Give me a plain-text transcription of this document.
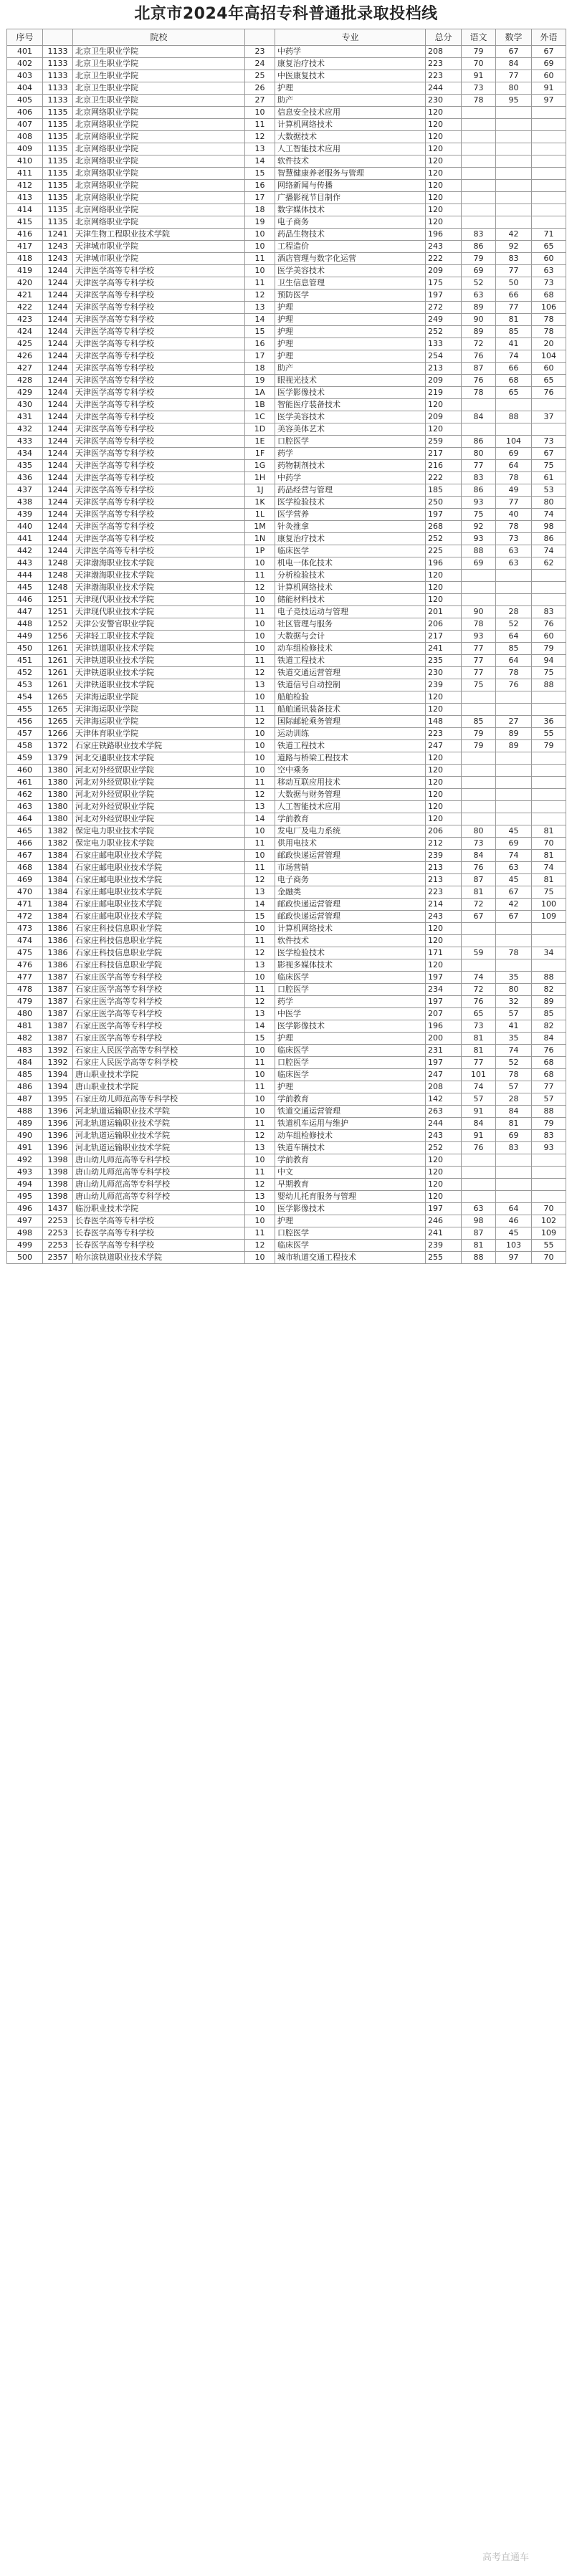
北京市2024年高招专科普通批录取投档线
序号		院校		专业	总分	语文	数学	外语
401	1133	北京卫生职业学院	23	中药学	208	79	67	67
402	1133	北京卫生职业学院	24	康复治疗技术	223	70	84	69
403	1133	北京卫生职业学院	25	中医康复技术	223	91	77	60
404	1133	北京卫生职业学院	26	护理	244	73	80	91
405	1133	北京卫生职业学院	27	助产	230	78	95	97
406	1135	北京网络职业学院	10	信息安全技术应用	120			
407	1135	北京网络职业学院	11	计算机网络技术	120			
408	1135	北京网络职业学院	12	大数据技术	120			
409	1135	北京网络职业学院	13	人工智能技术应用	120			
410	1135	北京网络职业学院	14	软件技术	120			
411	1135	北京网络职业学院	15	智慧健康养老服务与管理	120			
412	1135	北京网络职业学院	16	网络新闻与传播	120			
413	1135	北京网络职业学院	17	广播影视节目制作	120			
414	1135	北京网络职业学院	18	数字媒体技术	120			
415	1135	北京网络职业学院	19	电子商务	120			
416	1241	天津生物工程职业技术学院	10	药品生物技术	196	83	42	71
417	1243	天津城市职业学院	10	工程造价	243	86	92	65
418	1243	天津城市职业学院	11	酒店管理与数字化运营	222	79	83	60
419	1244	天津医学高等专科学校	10	医学美容技术	209	69	77	63
420	1244	天津医学高等专科学校	11	卫生信息管理	175	52	50	73
421	1244	天津医学高等专科学校	12	预防医学	197	63	66	68
422	1244	天津医学高等专科学校	13	护理	272	89	77	106
423	1244	天津医学高等专科学校	14	护理	249	90	81	78
424	1244	天津医学高等专科学校	15	护理	252	89	85	78
425	1244	天津医学高等专科学校	16	护理	133	72	41	20
426	1244	天津医学高等专科学校	17	护理	254	76	74	104
427	1244	天津医学高等专科学校	18	助产	213	87	66	60
428	1244	天津医学高等专科学校	19	眼视光技术	209	76	68	65
429	1244	天津医学高等专科学校	1A	医学影像技术	219	78	65	76
430	1244	天津医学高等专科学校	1B	智能医疗装备技术	120			
431	1244	天津医学高等专科学校	1C	医学美容技术	209	84	88	37
432	1244	天津医学高等专科学校	1D	美容美体艺术	120			
433	1244	天津医学高等专科学校	1E	口腔医学	259	86	104	73
434	1244	天津医学高等专科学校	1F	药学	217	80	69	67
435	1244	天津医学高等专科学校	1G	药物制剂技术	216	77	64	75
436	1244	天津医学高等专科学校	1H	中药学	222	83	78	61
437	1244	天津医学高等专科学校	1J	药品经营与管理	185	86	49	53
438	1244	天津医学高等专科学校	1K	医学检验技术	250	93	77	80
439	1244	天津医学高等专科学校	1L	医学营养	197	75	40	74
440	1244	天津医学高等专科学校	1M	针灸推拿	268	92	78	98
441	1244	天津医学高等专科学校	1N	康复治疗技术	252	93	73	86
442	1244	天津医学高等专科学校	1P	临床医学	225	88	63	74
443	1248	天津渤海职业技术学院	10	机电一体化技术	196	69	63	62
444	1248	天津渤海职业技术学院	11	分析检验技术	120			
445	1248	天津渤海职业技术学院	12	计算机网络技术	120			
446	1251	天津现代职业技术学院	10	储能材料技术	120			
447	1251	天津现代职业技术学院	11	电子竞技运动与管理	201	90	28	83
448	1252	天津公安警官职业学院	10	社区管理与服务	206	78	52	76
449	1256	天津轻工职业技术学院	10	大数据与会计	217	93	64	60
450	1261	天津铁道职业技术学院	10	动车组检修技术	241	77	85	79
451	1261	天津铁道职业技术学院	11	铁道工程技术	235	77	64	94
452	1261	天津铁道职业技术学院	12	铁道交通运营管理	230	77	78	75
453	1261	天津铁道职业技术学院	13	铁道信号自动控制	239	75	76	88
454	1265	天津海运职业学院	10	船舶检验	120			
455	1265	天津海运职业学院	11	船舶通讯装备技术	120			
456	1265	天津海运职业学院	12	国际邮轮乘务管理	148	85	27	36
457	1266	天津体育职业学院	10	运动训练	223	79	89	55
458	1372	石家庄铁路职业技术学院	10	铁道工程技术	247	79	89	79
459	1379	河北交通职业技术学院	10	道路与桥梁工程技术	120			
460	1380	河北对外经贸职业学院	10	空中乘务	120			
461	1380	河北对外经贸职业学院	11	移动互联应用技术	120			
462	1380	河北对外经贸职业学院	12	大数据与财务管理	120			
463	1380	河北对外经贸职业学院	13	人工智能技术应用	120			
464	1380	河北对外经贸职业学院	14	学前教育	120			
465	1382	保定电力职业技术学院	10	发电厂及电力系统	206	80	45	81
466	1382	保定电力职业技术学院	11	供用电技术	212	73	69	70
467	1384	石家庄邮电职业技术学院	10	邮政快递运营管理	239	84	74	81
468	1384	石家庄邮电职业技术学院	11	市场营销	213	76	63	74
469	1384	石家庄邮电职业技术学院	12	电子商务	213	87	45	81
470	1384	石家庄邮电职业技术学院	13	金融类	223	81	67	75
471	1384	石家庄邮电职业技术学院	14	邮政快递运营管理	214	72	42	100
472	1384	石家庄邮电职业技术学院	15	邮政快递运营管理	243	67	67	109
473	1386	石家庄科技信息职业学院	10	计算机网络技术	120			
474	1386	石家庄科技信息职业学院	11	软件技术	120			
475	1386	石家庄科技信息职业学院	12	医学检验技术	171	59	78	34
476	1386	石家庄科技信息职业学院	13	影视多媒体技术	120			
477	1387	石家庄医学高等专科学校	10	临床医学	197	74	35	88
478	1387	石家庄医学高等专科学校	11	口腔医学	234	72	80	82
479	1387	石家庄医学高等专科学校	12	药学	197	76	32	89
480	1387	石家庄医学高等专科学校	13	中医学	207	65	57	85
481	1387	石家庄医学高等专科学校	14	医学影像技术	196	73	41	82
482	1387	石家庄医学高等专科学校	15	护理	200	81	35	84
483	1392	石家庄人民医学高等专科学校	10	临床医学	231	81	74	76
484	1392	石家庄人民医学高等专科学校	11	口腔医学	197	77	52	68
485	1394	唐山职业技术学院	10	临床医学	247	101	78	68
486	1394	唐山职业技术学院	11	护理	208	74	57	77
487	1395	石家庄幼儿师范高等专科学校	10	学前教育	142	57	28	57
488	1396	河北轨道运输职业技术学院	10	铁道交通运营管理	263	91	84	88
489	1396	河北轨道运输职业技术学院	11	铁道机车运用与维护	244	84	81	79
490	1396	河北轨道运输职业技术学院	12	动车组检修技术	243	91	69	83
491	1396	河北轨道运输职业技术学院	13	铁道车辆技术	252	76	83	93
492	1398	唐山幼儿师范高等专科学校	10	学前教育	120			
493	1398	唐山幼儿师范高等专科学校	11	中文	120			
494	1398	唐山幼儿师范高等专科学校	12	早期教育	120			
495	1398	唐山幼儿师范高等专科学校	13	婴幼儿托育服务与管理	120			
496	1437	临汾职业技术学院	10	医学影像技术	197	63	64	70
497	2253	长春医学高等专科学校	10	护理	246	98	46	102
498	2253	长春医学高等专科学校	11	口腔医学	241	87	45	109
499	2253	长春医学高等专科学校	12	临床医学	239	81	103	55
500	2357	哈尔滨铁道职业技术学院	10	城市轨道交通工程技术	255	88	97	70
高考直通车
